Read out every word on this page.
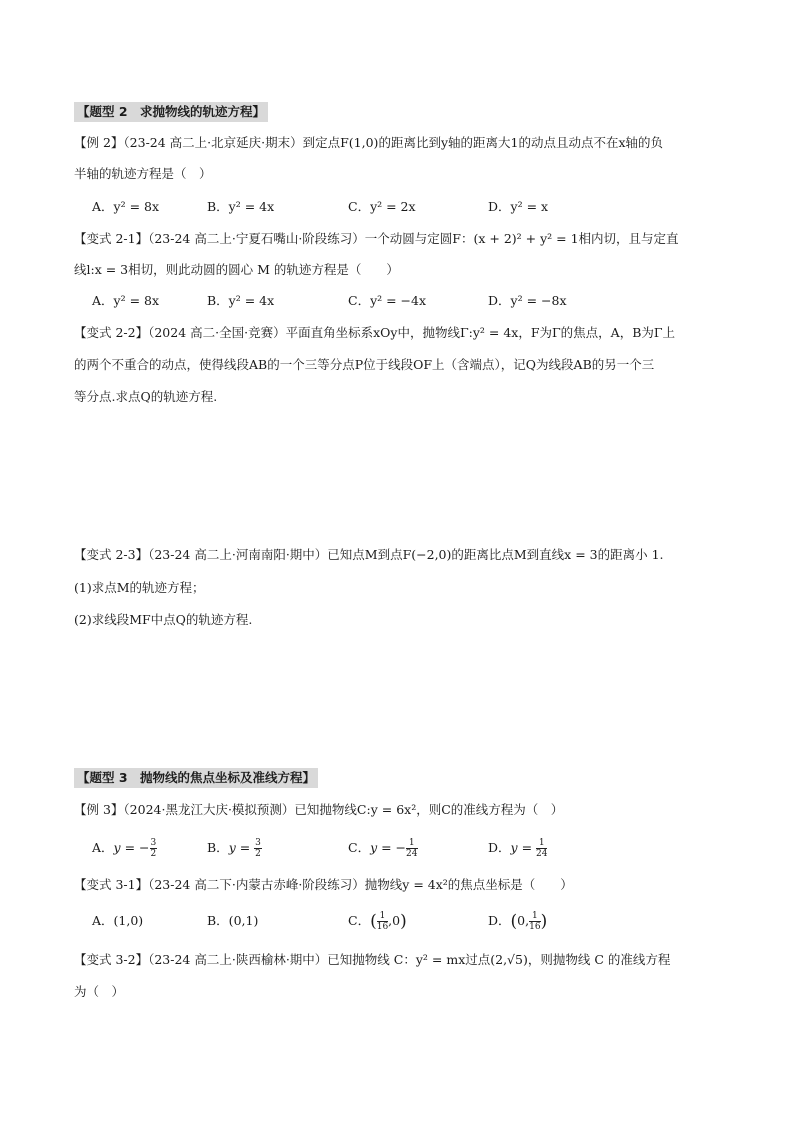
【题型 2　求抛物线的轨迹方程】
【例 2】（23-24 高二上·北京延庆·期末）到定点F(1,0)的距离比到y轴的距离大1的动点且动点不在x轴的负
半轴的轨迹方程是（　）
A．y² = 8x	B．y² = 4x	C．y² = 2x	D．y² = x
【变式 2-1】（23-24 高二上·宁夏石嘴山·阶段练习）一个动圆与定圆F：(x + 2)² + y² = 1相内切，且与定直
线l:x = 3相切，则此动圆的圆心 M 的轨迹方程是（　　）
A．y² = 8x	B．y² = 4x	C．y² = −4x	D．y² = −8x
【变式 2-2】（2024 高二·全国·竞赛）平面直角坐标系xOy中，抛物线Γ:y² = 4x，F为Γ的焦点，A，B为Γ上
的两个不重合的动点，使得线段AB的一个三等分点P位于线段OF上（含端点），记Q为线段AB的另一个三
等分点.求点Q的轨迹方程.
【变式 2-3】（23-24 高二上·河南南阳·期中）已知点M到点F(−2,0)的距离比点M到直线x = 3的距离小 1.
(1)求点M的轨迹方程；
(2)求线段MF中点Q的轨迹方程.
【题型 3　抛物线的焦点坐标及准线方程】
【例 3】（2024·黑龙江大庆·模拟预测）已知抛物线C:y = 6x²，则C的准线方程为（　）
A．y = − $\frac{3}{2}$	B．$y = \frac{3}{2}$	C．y = − $\frac{1}{24}$	D．$y = \frac{1}{24}$
【变式 3-1】（23-24 高二下·内蒙古赤峰·阶段练习）抛物线y = 4x²的焦点坐标是（　　）
A．(1,0)	B．(0,1)	C．( $\frac{1}{16} ,0$)	D．(0, $\frac{1}{16}$ )
【变式 3-2】（23-24 高二上·陕西榆林·期中）已知抛物线 C：y² = mx过点(2,√5)，则抛物线 C 的准线方程
为（　）
